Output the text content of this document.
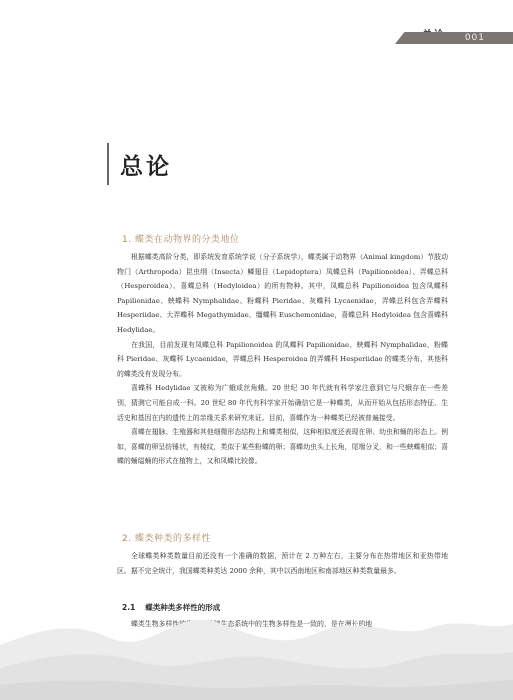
001
总论
1. 蝶类在动物界的分类地位

根据蝶类高阶分类，即系统发育系统学说（分子系统学），蝶类属于动物界（Animal kingdom）节肢动物门（Arthropoda）昆虫纲（Insecta）鳞翅目（Lepidoptera）凤蝶总科（Papilionoidea）、弄蝶总科（Hesperoidea）、喜蝶总科（Hedyloidea）的所有物种。其中，凤蝶总科 Papilionoidea 包含凤蝶科 Papilionidae、蛱蝶科 Nymphalidae、粉蝶科 Pieridae、灰蝶科 Lycaenidae，弄蝶总科包含弄蝶科 Hesperiidae、大弄蝶科 Megathymidae、缰蝶科 Euschemonidae，喜蝶总科 Hedyloidea 包含喜蝶科 Hedylidae。

在我国，目前发现有凤蝶总科 Papilionoidea 的凤蝶科 Papilionidae、蛱蝶科 Nymphalidae、粉蝶科 Pieridae、灰蝶科 Lycaenidae，弄蝶总科 Hesperoidea 的弄蝶科 Hesperiidae 的蝶类分布，其他科的蝶类没有发现分布。

喜蝶科 Hedylidae 又被称为广蛾或丝角蛾。20 世纪 30 年代就有科学家注意到它与尺蛾存在一些差别，猜测它可能自成一科。20 世纪 80 年代有科学家开始确信它是一种蝶类，从而开始从包括形态特征、生活史和基因在内的遗传上的亲缘关系来研究来证。目前，喜蝶作为一种蝶类已经被普遍接受。

喜蝶在翅脉、生殖器和其他细微形态结构上和蝶类相似，这种相似度还表现在卵、幼虫和蛹的形态上。例如，喜蝶的卵呈纺锤状，有棱纹，类似于某些粉蝶的卵；喜蝶幼虫头上长角，尾端分叉，和一些蛱蝶相似；喜蝶的蛹缢蛹的形式在植物上，又和凤蝶比较像。

2. 蝶类种类的多样性

全球蝶类种类数量目前还没有一个准确的数据，预计在 2 万种左右，主要分布在热带地区和亚热带地区。据不完全统计，我国蝶类种类达 2000 余种，其中以西南地区和南部地区种类数量最多。

2.1 蝶类种类多样性的形成

蝶类生物多样性的形成和地球生态系统中的生物多样性是一致的，是在漫长的地
